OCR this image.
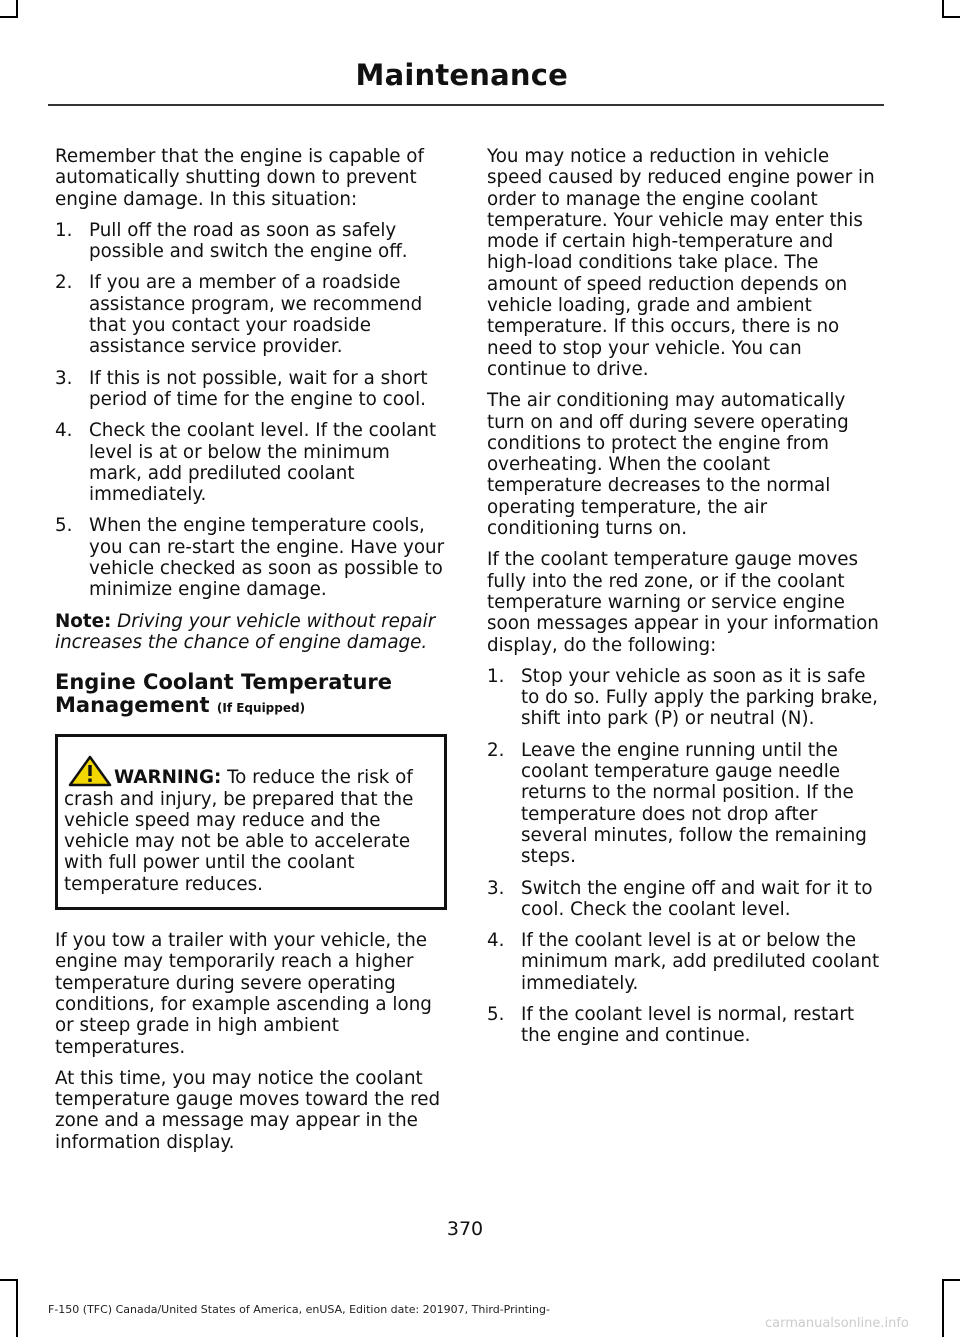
Maintenance

Remember that the engine is capable of automatically shutting down to prevent engine damage. In this situation:

1. Pull off the road as soon as safely possible and switch the engine off.
2. If you are a member of a roadside assistance program, we recommend that you contact your roadside assistance service provider.
3. If this is not possible, wait for a short period of time for the engine to cool.
4. Check the coolant level. If the coolant level is at or below the minimum mark, add prediluted coolant immediately.
5. When the engine temperature cools, you can re-start the engine. Have your vehicle checked as soon as possible to minimize engine damage.

Note: Driving your vehicle without repair increases the chance of engine damage.

Engine Coolant Temperature Management (If Equipped)
WARNING: To reduce the risk of crash and injury, be prepared that the vehicle speed may reduce and the vehicle may not be able to accelerate with full power until the coolant temperature reduces.

If you tow a trailer with your vehicle, the engine may temporarily reach a higher temperature during severe operating conditions, for example ascending a long or steep grade in high ambient temperatures.

At this time, you may notice the coolant temperature gauge moves toward the red zone and a message may appear in the information display.

You may notice a reduction in vehicle speed caused by reduced engine power in order to manage the engine coolant temperature. Your vehicle may enter this mode if certain high-temperature and high-load conditions take place. The amount of speed reduction depends on vehicle loading, grade and ambient temperature. If this occurs, there is no need to stop your vehicle. You can continue to drive.

The air conditioning may automatically turn on and off during severe operating conditions to protect the engine from overheating. When the coolant temperature decreases to the normal operating temperature, the air conditioning turns on.

If the coolant temperature gauge moves fully into the red zone, or if the coolant temperature warning or service engine soon messages appear in your information display, do the following:

1. Stop your vehicle as soon as it is safe to do so. Fully apply the parking brake, shift into park (P) or neutral (N).
2. Leave the engine running until the coolant temperature gauge needle returns to the normal position. If the temperature does not drop after several minutes, follow the remaining steps.
3. Switch the engine off and wait for it to cool. Check the coolant level.
4. If the coolant level is at or below the minimum mark, add prediluted coolant immediately.
5. If the coolant level is normal, restart the engine and continue.
370
F-150 (TFC) Canada/United States of America, enUSA, Edition date: 201907, Third-Printing-
carmanualsonline.info
